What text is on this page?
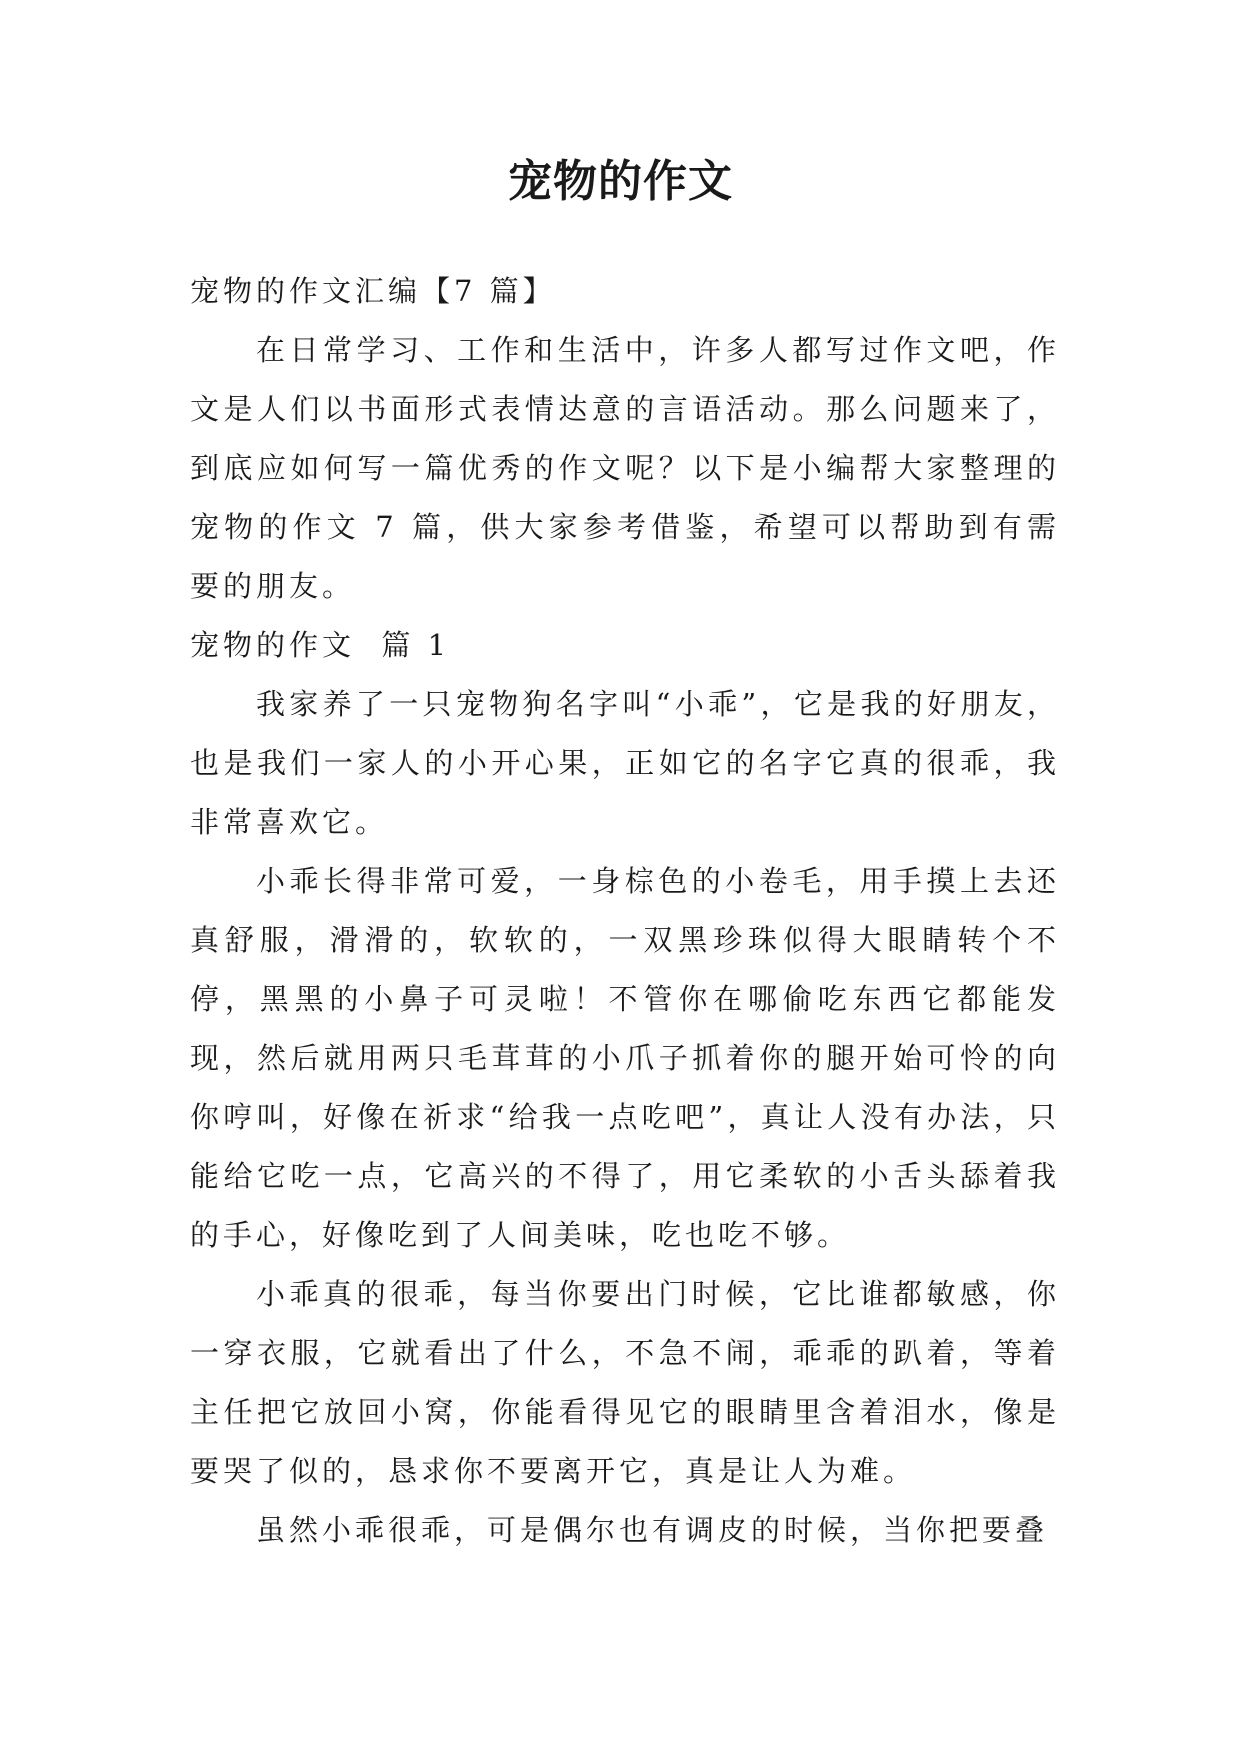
宠物的作文

宠物的作文汇编【7 篇】

在日常学习、工作和生活中，许多人都写过作文吧，作文是人们以书面形式表情达意的言语活动。那么问题来了，到底应如何写一篇优秀的作文呢？以下是小编帮大家整理的宠物的作文 7 篇，供大家参考借鉴，希望可以帮助到有需要的朋友。

宠物的作文  篇 1

我家养了一只宠物狗名字叫“小乖”，它是我的好朋友，也是我们一家人的小开心果，正如它的名字它真的很乖，我非常喜欢它。

小乖长得非常可爱，一身棕色的小卷毛，用手摸上去还真舒服，滑滑的，软软的，一双黑珍珠似得大眼睛转个不停，黑黑的小鼻子可灵啦！不管你在哪偷吃东西它都能发现，然后就用两只毛茸茸的小爪子抓着你的腿开始可怜的向你哼叫，好像在祈求“给我一点吃吧”，真让人没有办法，只能给它吃一点，它高兴的不得了，用它柔软的小舌头舔着我的手心，好像吃到了人间美味，吃也吃不够。

小乖真的很乖，每当你要出门时候，它比谁都敏感，你一穿衣服，它就看出了什么，不急不闹，乖乖的趴着，等着主任把它放回小窝，你能看得见它的眼睛里含着泪水，像是要哭了似的，恳求你不要离开它，真是让人为难。

虽然小乖很乖，可是偶尔也有调皮的时候，当你把要叠
